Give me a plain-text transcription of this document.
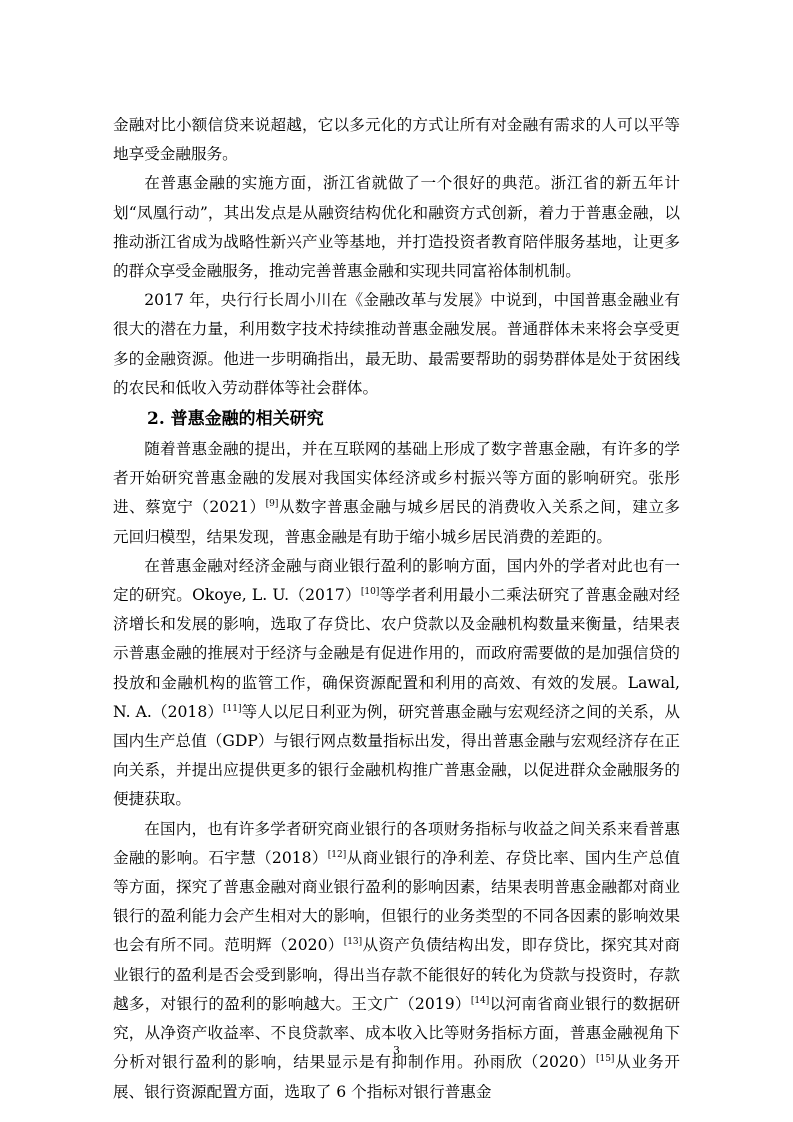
金融对比小额信贷来说超越，它以多元化的方式让所有对金融有需求的人可以平等地享受金融服务。

在普惠金融的实施方面，浙江省就做了一个很好的典范。浙江省的新五年计划“凤凰行动”，其出发点是从融资结构优化和融资方式创新，着力于普惠金融，以推动浙江省成为战略性新兴产业等基地，并打造投资者教育陪伴服务基地，让更多的群众享受金融服务，推动完善普惠金融和实现共同富裕体制机制。

2017 年，央行行长周小川在《金融改革与发展》中说到，中国普惠金融业有很大的潜在力量，利用数字技术持续推动普惠金融发展。普通群体未来将会享受更多的金融资源。他进一步明确指出，最无助、最需要帮助的弱势群体是处于贫困线的农民和低收入劳动群体等社会群体。

2. 普惠金融的相关研究

随着普惠金融的提出，并在互联网的基础上形成了数字普惠金融，有许多的学者开始研究普惠金融的发展对我国实体经济或乡村振兴等方面的影响研究。张彤进、蔡宽宁（2021）[9]从数字普惠金融与城乡居民的消费收入关系之间，建立多元回归模型，结果发现，普惠金融是有助于缩小城乡居民消费的差距的。

在普惠金融对经济金融与商业银行盈利的影响方面，国内外的学者对此也有一定的研究。Okoye, L. U.（2017）[10]等学者利用最小二乘法研究了普惠金融对经济增长和发展的影响，选取了存贷比、农户贷款以及金融机构数量来衡量，结果表示普惠金融的推展对于经济与金融是有促进作用的，而政府需要做的是加强信贷的投放和金融机构的监管工作，确保资源配置和利用的高效、有效的发展。Lawal, N. A.（2018）[11]等人以尼日利亚为例，研究普惠金融与宏观经济之间的关系，从国内生产总值（GDP）与银行网点数量指标出发，得出普惠金融与宏观经济存在正向关系，并提出应提供更多的银行金融机构推广普惠金融，以促进群众金融服务的便捷获取。

在国内，也有许多学者研究商业银行的各项财务指标与收益之间关系来看普惠金融的影响。石宇慧（2018）[12]从商业银行的净利差、存贷比率、国内生产总值等方面，探究了普惠金融对商业银行盈利的影响因素，结果表明普惠金融都对商业银行的盈利能力会产生相对大的影响，但银行的业务类型的不同各因素的影响效果也会有所不同。范明辉（2020）[13]从资产负债结构出发，即存贷比，探究其对商业银行的盈利是否会受到影响，得出当存款不能很好的转化为贷款与投资时，存款越多，对银行的盈利的影响越大。王文广（2019）[14]以河南省商业银行的数据研究，从净资产收益率、不良贷款率、成本收入比等财务指标方面，普惠金融视角下分析对银行盈利的影响，结果显示是有抑制作用。孙雨欣（2020）[15]从业务开展、银行资源配置方面，选取了 6 个指标对银行普惠金

3
